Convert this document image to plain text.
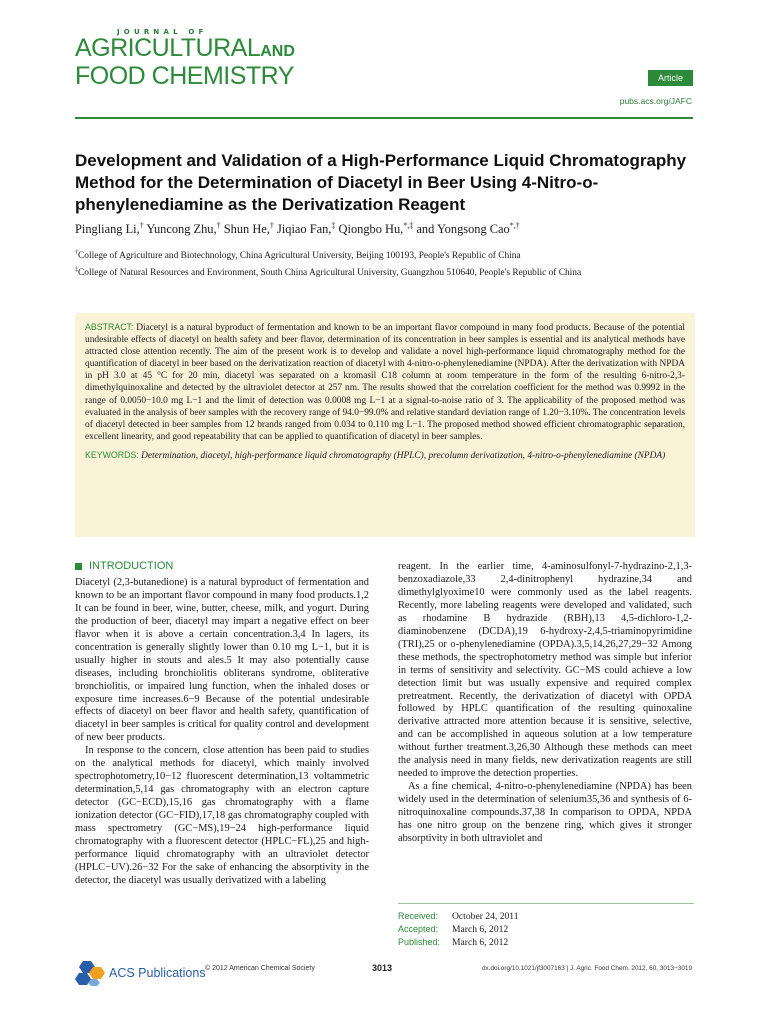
JOURNAL OF
AGRICULTURALAND
FOOD CHEMISTRY	Article
pubs.acs.org/JAFC
Development and Validation of a High-Performance Liquid Chromatography Method for the Determination of Diacetyl in Beer Using 4-Nitro-o-phenylenediamine as the Derivatization Reagent
Pingliang Li,† Yuncong Zhu,† Shun He,† Jiqiao Fan,‡ Qiongbo Hu,*,‡ and Yongsong Cao*,†
†College of Agriculture and Biotechnology, China Agricultural University, Beijing 100193, People's Republic of China
‡College of Natural Resources and Environment, South China Agricultural University, Guangzhou 510640, People's Republic of China
ABSTRACT: Diacetyl is a natural byproduct of fermentation and known to be an important flavor compound in many food products. Because of the potential undesirable effects of diacetyl on health safety and beer flavor, determination of its concentration in beer samples is essential and its analytical methods have attracted close attention recently. The aim of the present work is to develop and validate a novel high-performance liquid chromatography method for the quantification of diacetyl in beer based on the derivatization reaction of diacetyl with 4-nitro-o-phenylenediamine (NPDA). After the derivatization with NPDA in pH 3.0 at 45 °C for 20 min, diacetyl was separated on a kromasil C18 column at room temperature in the form of the resulting 6-nitro-2,3-dimethylquinoxaline and detected by the ultraviolet detector at 257 nm. The results showed that the correlation coefficient for the method was 0.9992 in the range of 0.0050−10.0 mg L−1 and the limit of detection was 0.0008 mg L−1 at a signal-to-noise ratio of 3. The applicability of the proposed method was evaluated in the analysis of beer samples with the recovery range of 94.0−99.0% and relative standard deviation range of 1.20−3.10%. The concentration levels of diacetyl detected in beer samples from 12 brands ranged from 0.034 to 0.110 mg L−1. The proposed method showed efficient chromatographic separation, excellent linearity, and good repeatability that can be applied to quantification of diacetyl in beer samples.
KEYWORDS: Determination, diacetyl, high-performance liquid chromatography (HPLC), precolumn derivatization, 4-nitro-o-phenylenediamine (NPDA)
INTRODUCTION

Diacetyl (2,3-butanedione) is a natural byproduct of fermentation and known to be an important flavor compound in many food products.1,2 It can be found in beer, wine, butter, cheese, milk, and yogurt. During the production of beer, diacetyl may impart a negative effect on beer flavor when it is above a certain concentration.3,4 In lagers, its concentration is generally slightly lower than 0.10 mg L−1, but it is usually higher in stouts and ales.5 It may also potentially cause diseases, including bronchiolitis obliterans syndrome, obliterative bronchiolitis, or impaired lung function, when the inhaled doses or exposure time increases.6−9 Because of the potential undesirable effects of diacetyl on beer flavor and health safety, quantification of diacetyl in beer samples is critical for quality control and development of new beer products.

In response to the concern, close attention has been paid to studies on the analytical methods for diacetyl, which mainly involved spectrophotometry,10−12 fluorescent determination,13 voltammetric determination,5,14 gas chromatography with an electron capture detector (GC−ECD),15,16 gas chromatography with a flame ionization detector (GC−FID),17,18 gas chromatography coupled with mass spectrometry (GC−MS),19−24 high-performance liquid chromatography with a fluorescent detector (HPLC−FL),25 and high-performance liquid chromatography with an ultraviolet detector (HPLC−UV).26−32 For the sake of enhancing the absorptivity in the detector, the diacetyl was usually derivatized with a labeling

reagent. In the earlier time, 4-aminosulfonyl-7-hydrazino-2,1,3-benzoxadiazole,33 2,4-dinitrophenyl hydrazine,34 and dimethylglyoxime10 were commonly used as the label reagents. Recently, more labeling reagents were developed and validated, such as rhodamine B hydrazide (RBH),13 4,5-dichloro-1,2-diaminobenzene (DCDA),19 6-hydroxy-2,4,5-triaminopyrimidine (TRI),25 or o-phenylenediamine (OPDA).3,5,14,26,27,29−32 Among these methods, the spectrophotometry method was simple but inferior in terms of sensitivity and selectivity. GC−MS could achieve a low detection limit but was usually expensive and required complex pretreatment. Recently, the derivatization of diacetyl with OPDA followed by HPLC quantification of the resulting quinoxaline derivative attracted more attention because it is sensitive, selective, and can be accomplished in aqueous solution at a low temperature without further treatment.3,26,30 Although these methods can meet the analysis need in many fields, new derivatization reagents are still needed to improve the detection properties.

As a fine chemical, 4-nitro-o-phenylenediamine (NPDA) has been widely used in the determination of selenium35,36 and synthesis of 6-nitroquinoxaline compounds.37,38 In comparison to OPDA, NPDA has one nitro group on the benzene ring, which gives it stronger absorptivity in both ultraviolet and

Received: October 24, 2011
Accepted: March 6, 2012
Published: March 6, 2012
ACS Publications © 2012 American Chemical Society	3013	dx.doi.org/10.1021/jf3007163 | J. Agric. Food Chem. 2012, 60, 3013−3019
